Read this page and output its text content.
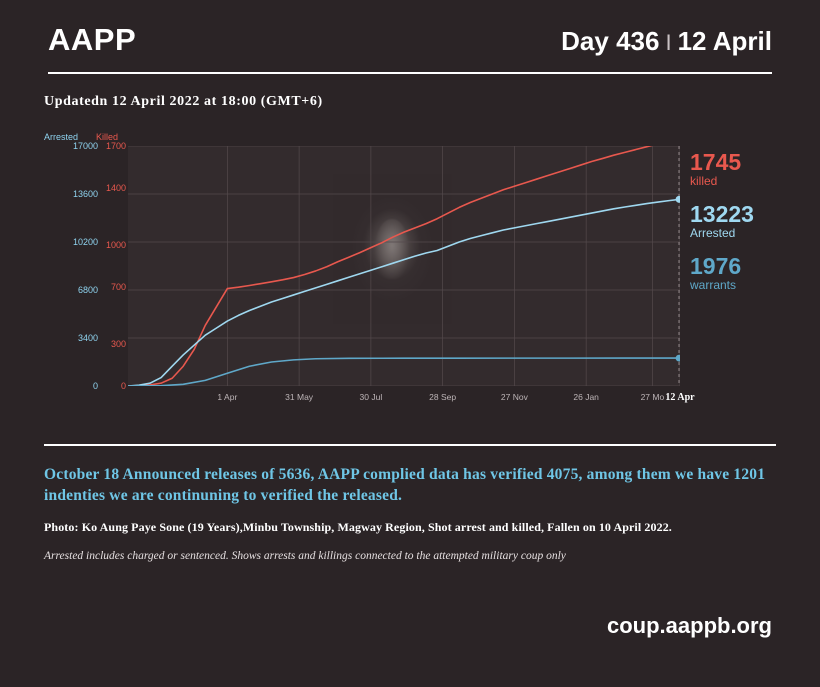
AAPP	Day 436 I 12 April
Updatedn 12 April 2022 at 18:00 (GMT+6)
Arrested Killed
0
3400
6800
10200
13600
17000
0
300
700
1000
1400
1700
1 Apr	31 May	30 Jul	28 Sep	27 Nov	26 Jan	27 Mo 12 Apr
1745
killed
13223
Arrested
1976
warrants
October 18 Announced releases of 5636, AAPP complied data has verified 4075, among them we have 1201 indenties we are continuning to verified the released.
Photo: Ko Aung Paye Sone (19 Years),Minbu Township, Magway Region, Shot arrest and killed, Fallen on 10 April 2022.
Arrested includes charged or sentenced. Shows arrests and killings connected to the attempted military coup only
coup.aappb.org
